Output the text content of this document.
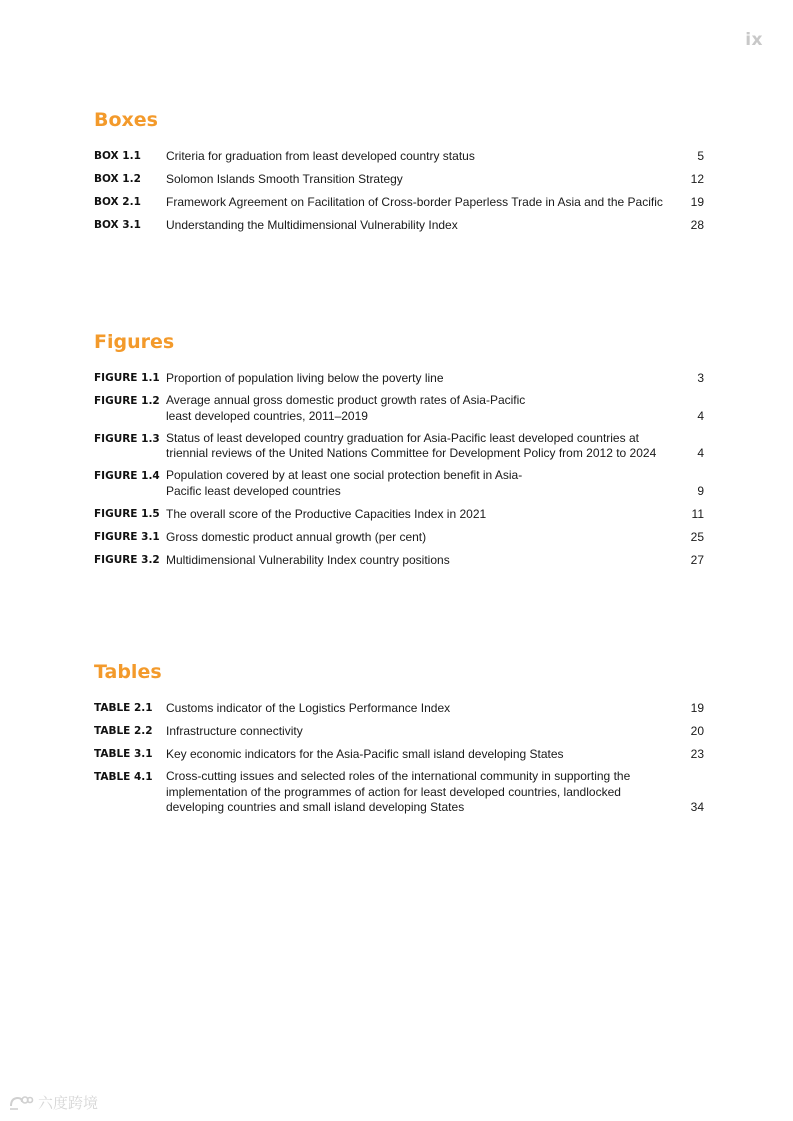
ix
Boxes
BOX 1.1	Criteria for graduation from least developed country status	5
BOX 1.2	Solomon Islands Smooth Transition Strategy	12
BOX 2.1	Framework Agreement on Facilitation of Cross-border Paperless Trade in Asia and the Pacific	19
BOX 3.1	Understanding the Multidimensional Vulnerability Index	28
Figures
FIGURE 1.1 Proportion of population living below the poverty line	3
FIGURE 1.2 Average annual gross domestic product growth rates of Asia-Pacific least developed countries, 2011–2019	4
FIGURE 1.3 Status of least developed country graduation for Asia-Pacific least developed countries at triennial reviews of the United Nations Committee for Development Policy from 2012 to 2024	4
FIGURE 1.4 Population covered by at least one social protection benefit in Asia-Pacific least developed countries	9
FIGURE 1.5 The overall score of the Productive Capacities Index in 2021	11
FIGURE 3.1 Gross domestic product annual growth (per cent)	25
FIGURE 3.2 Multidimensional Vulnerability Index country positions	27
Tables
TABLE 2.1	Customs indicator of the Logistics Performance Index	19
TABLE 2.2	Infrastructure connectivity	20
TABLE 3.1	Key economic indicators for the Asia-Pacific small island developing States	23
TABLE 4.1	Cross-cutting issues and selected roles of the international community in supporting the implementation of the programmes of action for least developed countries, landlocked developing countries and small island developing States	34
六度跨境
